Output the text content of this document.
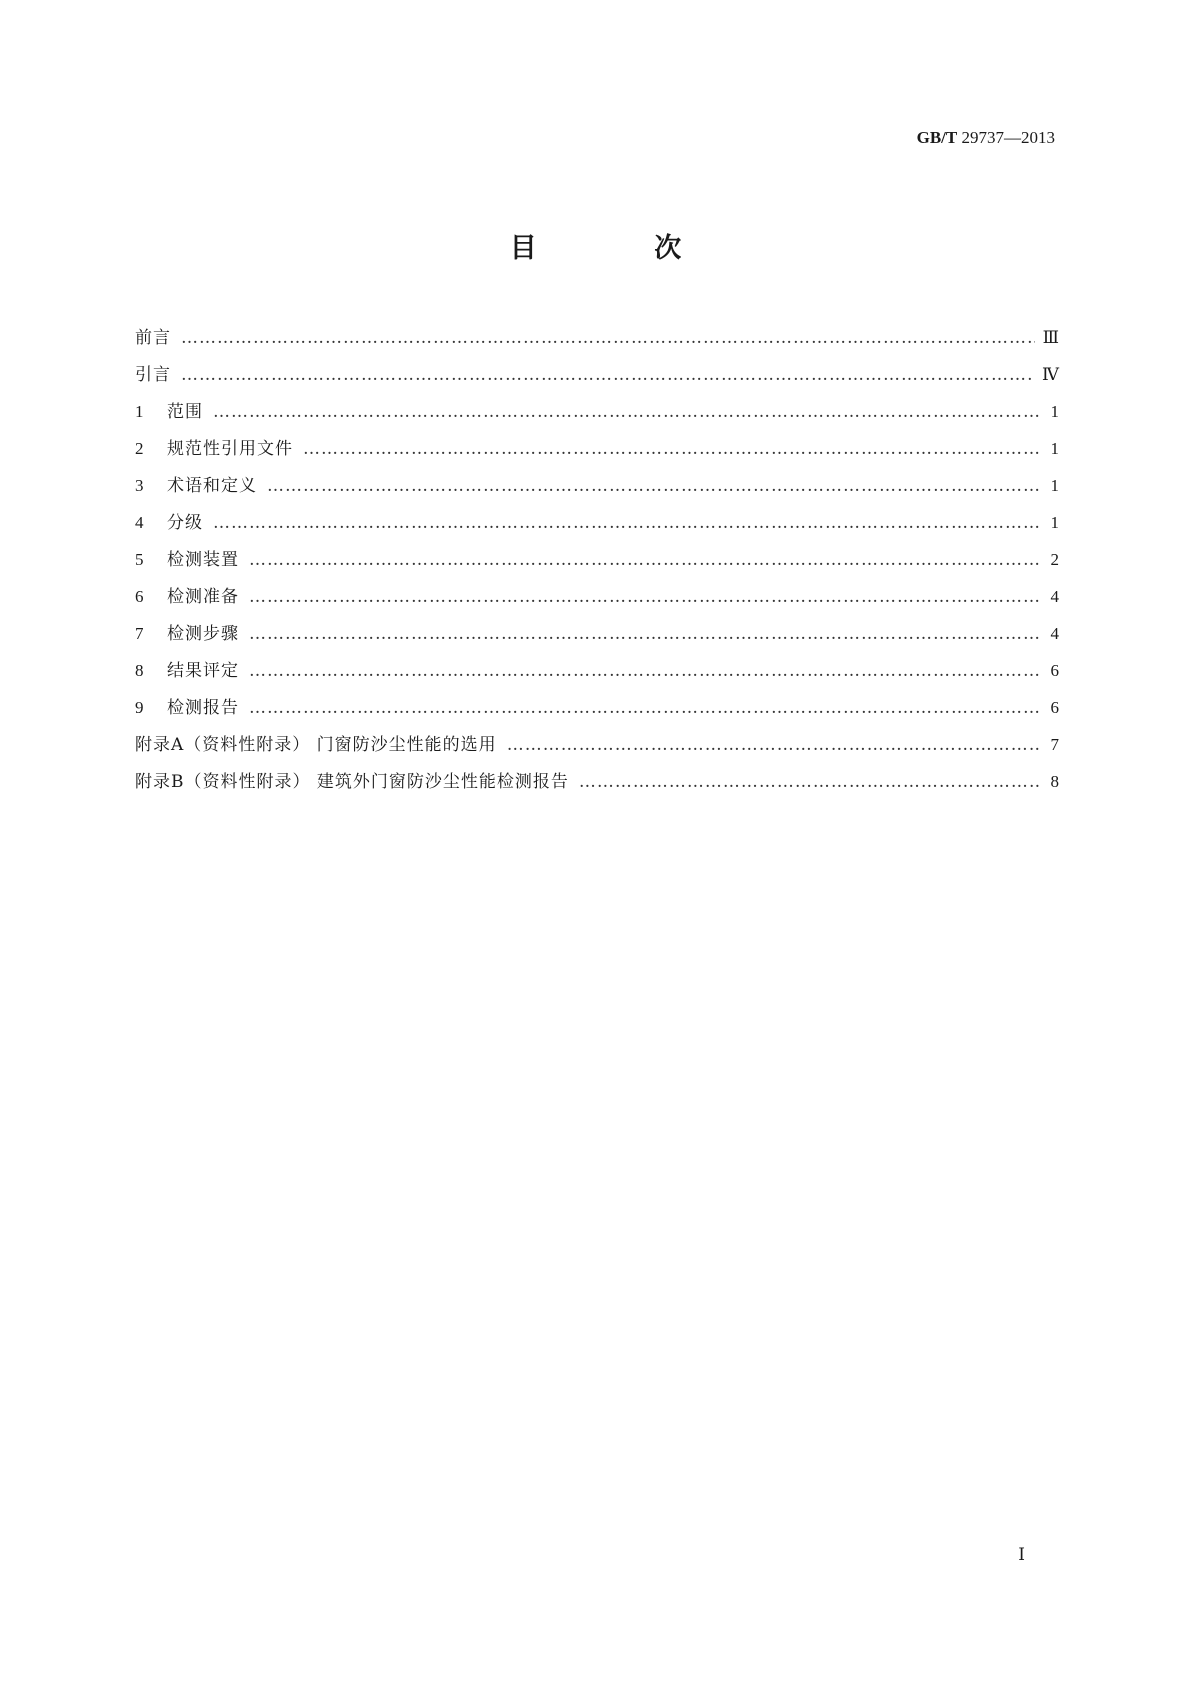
GB/T 29737—2013
目 次
前言 ………………………………………………………………………………………………………………………………………………………………………………………………………………………………………………	Ⅲ
引言 ………………………………………………………………………………………………………………………………………………………………………………………………………………………………………………	Ⅳ
1	范围 ………………………………………………………………………………………………………………………………………………………………………………………………………………………………………………	1
2	规范性引用文件 ………………………………………………………………………………………………………………………………………………………………………………………………………………………………………………	1
3	术语和定义 ………………………………………………………………………………………………………………………………………………………………………………………………………………………………………………	1
4	分级 ………………………………………………………………………………………………………………………………………………………………………………………………………………………………………………	1
5	检测装置 ………………………………………………………………………………………………………………………………………………………………………………………………………………………………………………	2
6	检测准备 ………………………………………………………………………………………………………………………………………………………………………………………………………………………………………………	4
7	检测步骤 ………………………………………………………………………………………………………………………………………………………………………………………………………………………………………………	4
8	结果评定 ………………………………………………………………………………………………………………………………………………………………………………………………………………………………………………	6
9	检测报告 ………………………………………………………………………………………………………………………………………………………………………………………………………………………………………………	6
附录A（资料性附录） 门窗防沙尘性能的选用 ………………………………………………………………………………………………………………………………………………………………………………………………………………………………………………	7
附录B（资料性附录） 建筑外门窗防沙尘性能检测报告 ………………………………………………………………………………………………………………………………………………………………………………………………………………………………………………	8
Ⅰ
